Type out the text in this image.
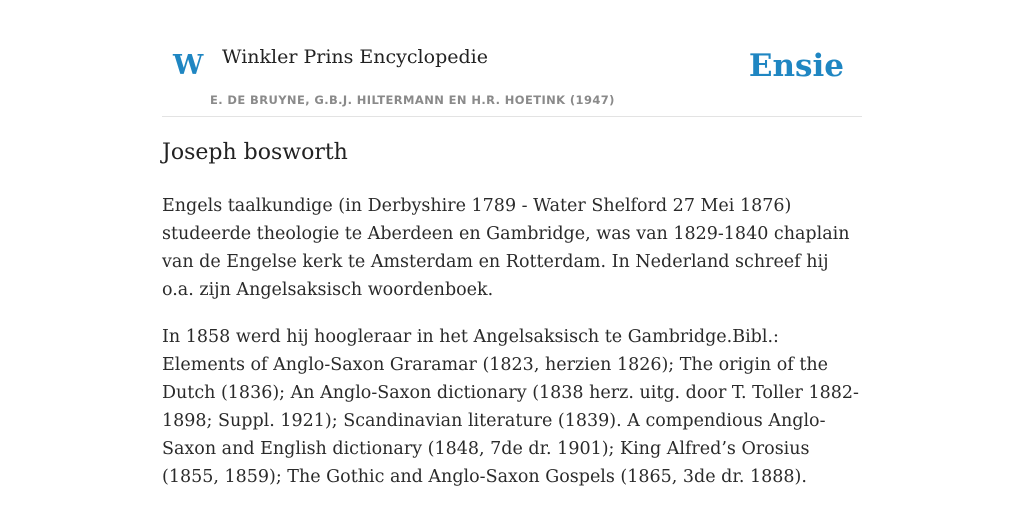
W Winkler Prins Encyclopedie
E. DE BRUYNE, G.B.J. HILTERMANN EN H.R. HOETINK (1947)
Ensie
Joseph bosworth

Engels taalkundige (in Derbyshire 1789 - Water Shelford 27 Mei 1876) studeerde theologie te Aberdeen en Gambridge, was van 1829-1840 chaplain van de Engelse kerk te Amsterdam en Rotterdam. In Nederland schreef hij o.a. zijn Angelsaksisch woordenboek.

In 1858 werd hij hoogleraar in het Angelsaksisch te Gambridge.Bibl.: Elements of Anglo-Saxon Graramar (1823, herzien 1826); The origin of the Dutch (1836); An Anglo-Saxon dictionary (1838 herz. uitg. door T. Toller 1882-1898; Suppl. 1921); Scandinavian literature (1839). A compendious Anglo-Saxon and English dictionary (1848, 7de dr. 1901); King Alfred’s Orosius (1855, 1859); The Gothic and Anglo-Saxon Gospels (1865, 3de dr. 1888).
